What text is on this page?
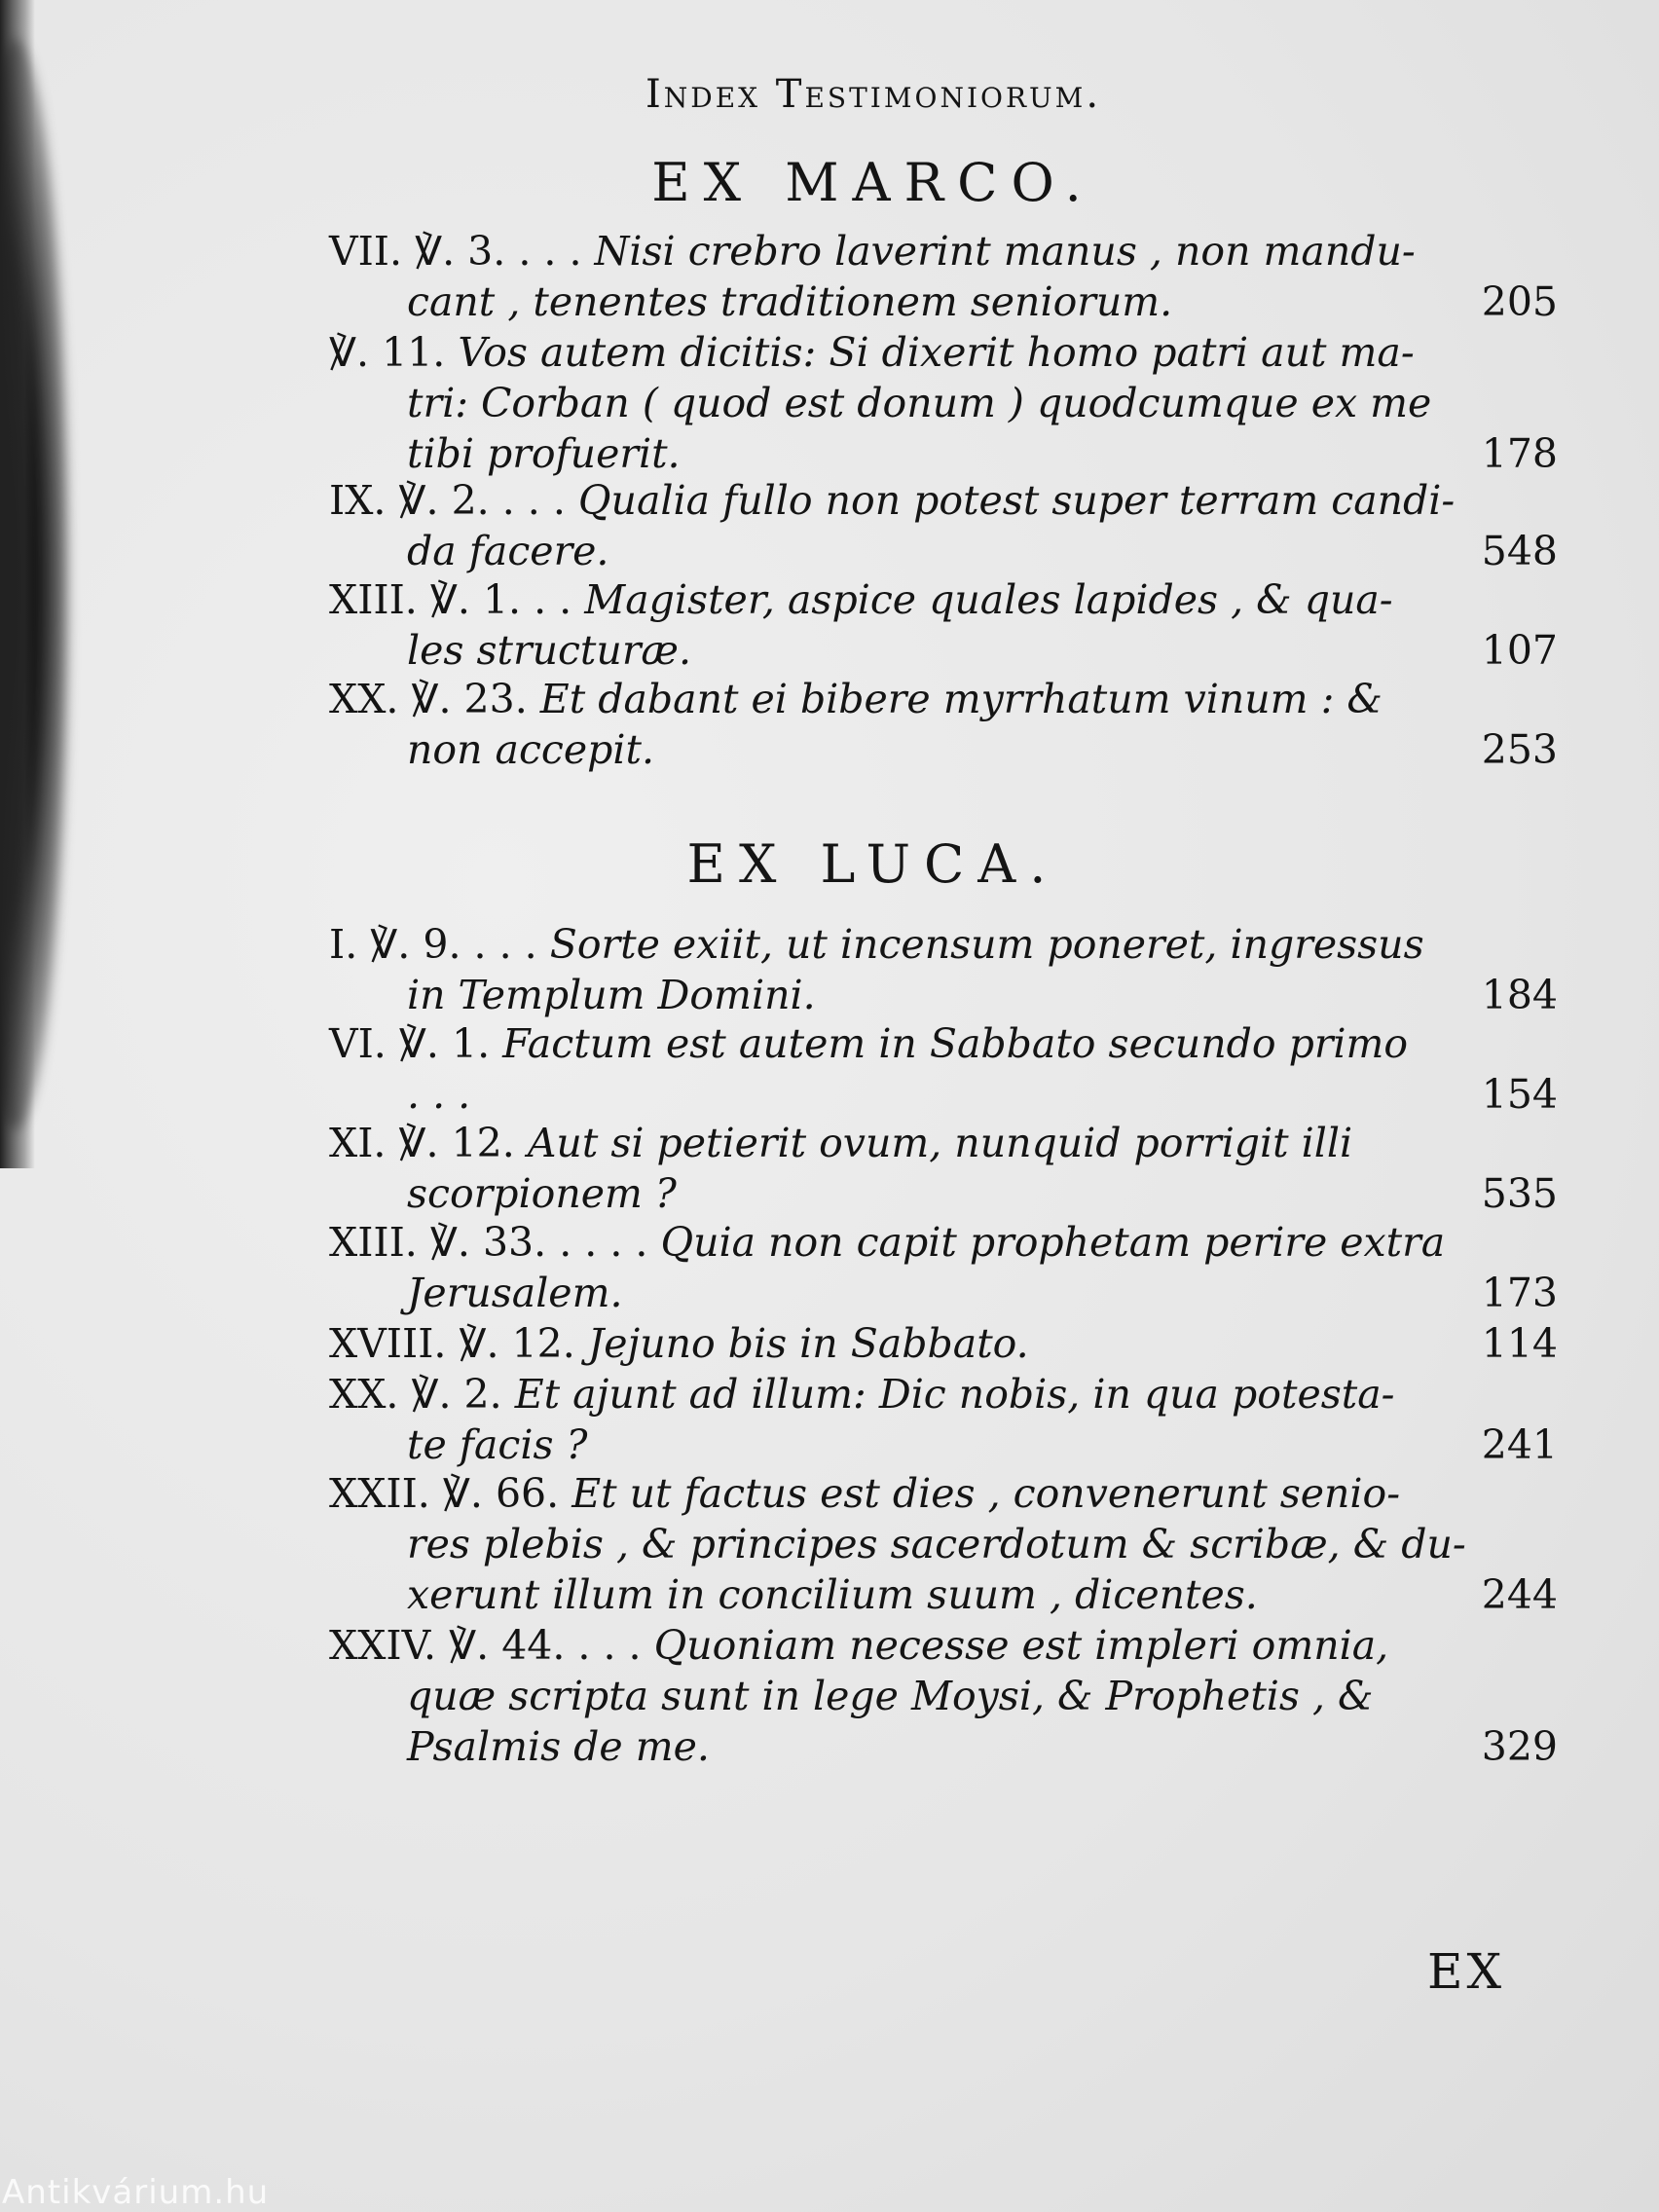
Index Testimoniorum.
EX MARCO.
VII. ℣. 3. . . . Nisi crebro laverint manus , non mandu-
cant , tenentes traditionem seniorum.	205
℣. 11. Vos autem dicitis: Si dixerit homo patri aut ma-
tri: Corban ( quod est donum ) quodcumque ex me
tibi profuerit.	178
IX. ℣. 2. . . . Qualia fullo non potest super terram candi-
da facere.	548
XIII. ℣. 1. . . Magister, aspice quales lapides , & qua-
les structuræ.	107
XX. ℣. 23. Et dabant ei bibere myrrhatum vinum : &
non accepit.	253
EX LUCA.
I. ℣. 9. . . . Sorte exiit, ut incensum poneret, ingressus
in Templum Domini.	184
VI. ℣. 1. Factum est autem in Sabbato secundo primo
. . .	154
XI. ℣. 12. Aut si petierit ovum, nunquid porrigit illi
scorpionem ?	535
XIII. ℣. 33. . . . . Quia non capit prophetam perire extra
Jerusalem.	173
XVIII. ℣. 12. Jejuno bis in Sabbato.	114
XX. ℣. 2. Et ajunt ad illum: Dic nobis, in qua potesta-
te facis ?	241
XXII. ℣. 66. Et ut factus est dies , convenerunt senio-
res plebis , & principes sacerdotum & scribæ, & du-
xerunt illum in concilium suum , dicentes.	244
XXIV. ℣. 44. . . . Quoniam necesse est impleri omnia,
quæ scripta sunt in lege Moysi, & Prophetis , &
Psalmis de me.	329
EX
Antikvárium.hu
